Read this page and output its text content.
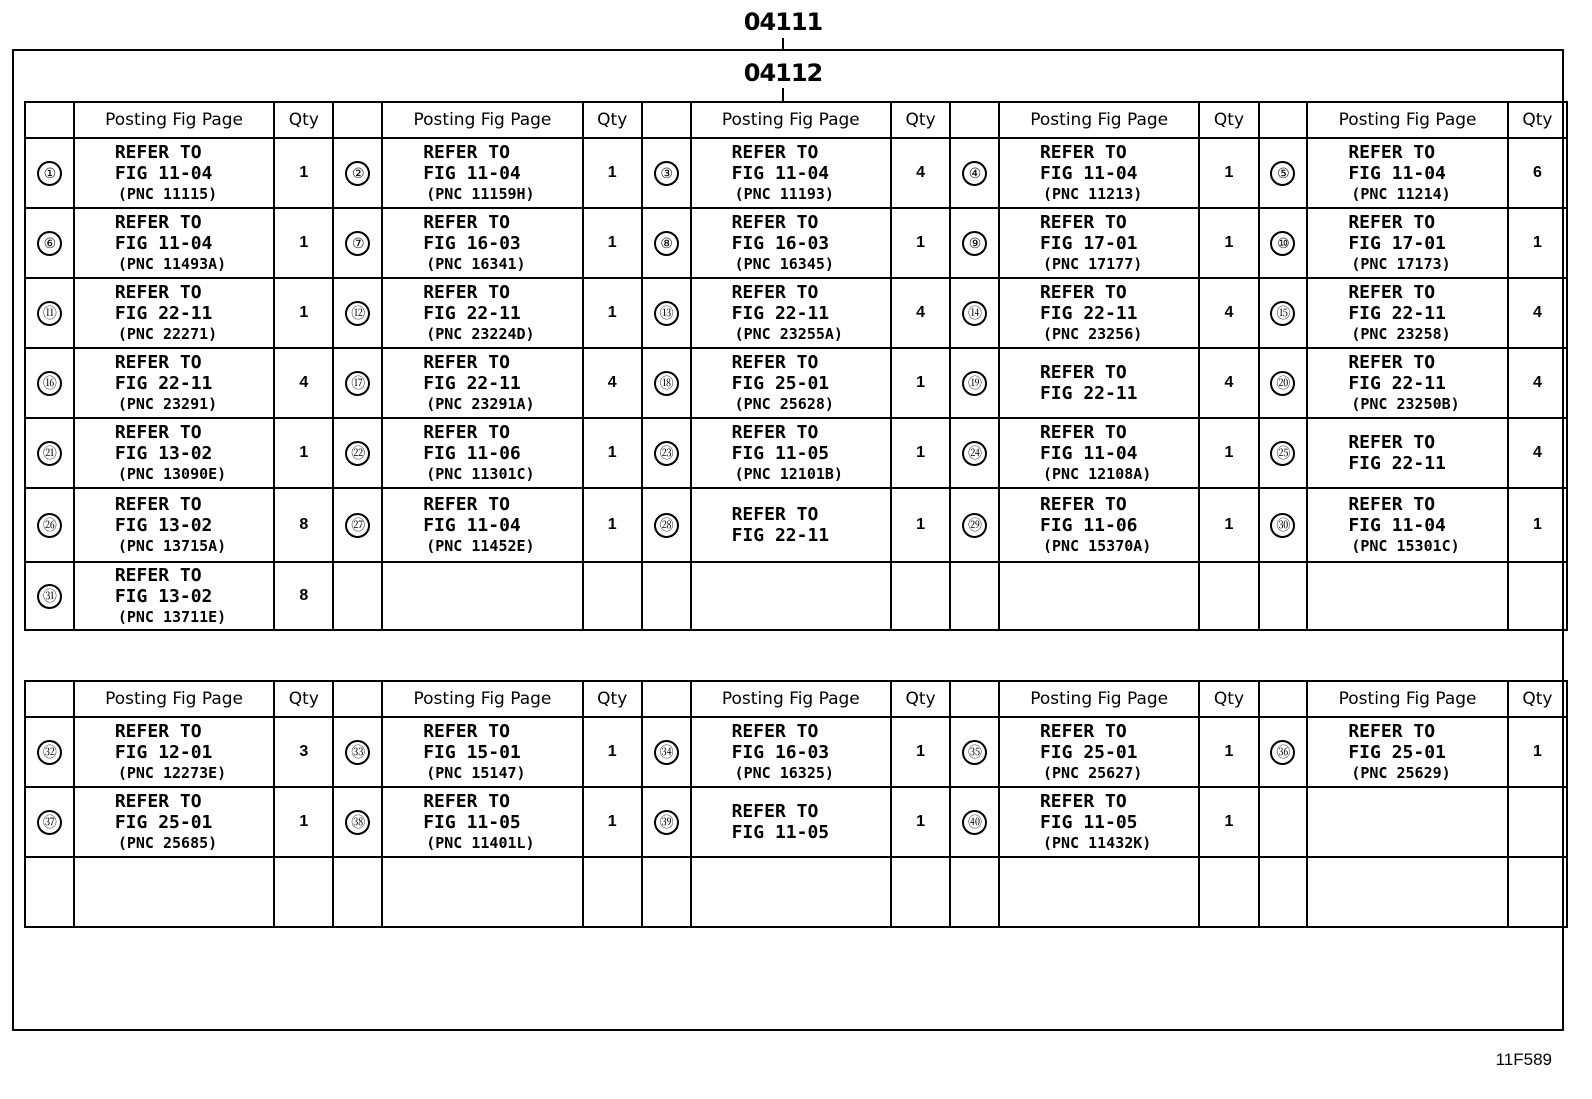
04111
04112
	Posting Fig Page	Qty		Posting Fig Page	Qty		Posting Fig Page	Qty		Posting Fig Page	Qty		Posting Fig Page	Qty
①	REFER TO
FIG 11-04
(PNC 11115)	1	②	REFER TO
FIG 11-04
(PNC 11159H)	1	③	REFER TO
FIG 11-04
(PNC 11193)	4	④	REFER TO
FIG 11-04
(PNC 11213)	1	⑤	REFER TO
FIG 11-04
(PNC 11214)	6
⑥	REFER TO
FIG 11-04
(PNC 11493A)	1	⑦	REFER TO
FIG 16-03
(PNC 16341)	1	⑧	REFER TO
FIG 16-03
(PNC 16345)	1	⑨	REFER TO
FIG 17-01
(PNC 17177)	1	⑩	REFER TO
FIG 17-01
(PNC 17173)	1
⑪	REFER TO
FIG 22-11
(PNC 22271)	1	⑫	REFER TO
FIG 22-11
(PNC 23224D)	1	⑬	REFER TO
FIG 22-11
(PNC 23255A)	4	⑭	REFER TO
FIG 22-11
(PNC 23256)	4	⑮	REFER TO
FIG 22-11
(PNC 23258)	4
⑯	REFER TO
FIG 22-11
(PNC 23291)	4	⑰	REFER TO
FIG 22-11
(PNC 23291A)	4	⑱	REFER TO
FIG 25-01
(PNC 25628)	1	⑲	REFER TO
FIG 22-11	4	⑳	REFER TO
FIG 22-11
(PNC 23250B)	4
㉑	REFER TO
FIG 13-02
(PNC 13090E)	1	㉒	REFER TO
FIG 11-06
(PNC 11301C)	1	㉓	REFER TO
FIG 11-05
(PNC 12101B)	1	㉔	REFER TO
FIG 11-04
(PNC 12108A)	1	㉕	REFER TO
FIG 22-11	4
㉖	REFER TO
FIG 13-02
(PNC 13715A)	8	㉗	REFER TO
FIG 11-04
(PNC 11452E)	1	㉘	REFER TO
FIG 22-11	1	㉙	REFER TO
FIG 11-06
(PNC 15370A)	1	㉚	REFER TO
FIG 11-04
(PNC 15301C)	1
㉛	REFER TO
FIG 13-02
(PNC 13711E)	8												
	Posting Fig Page	Qty		Posting Fig Page	Qty		Posting Fig Page	Qty		Posting Fig Page	Qty		Posting Fig Page	Qty
㉜	REFER TO
FIG 12-01
(PNC 12273E)	3	㉝	REFER TO
FIG 15-01
(PNC 15147)	1	㉞	REFER TO
FIG 16-03
(PNC 16325)	1	㉟	REFER TO
FIG 25-01
(PNC 25627)	1	㊱	REFER TO
FIG 25-01
(PNC 25629)	1
㊲	REFER TO
FIG 25-01
(PNC 25685)	1	㊳	REFER TO
FIG 11-05
(PNC 11401L)	1	㊴	REFER TO
FIG 11-05	1	㊵	REFER TO
FIG 11-05
(PNC 11432K)	1			

11F589
